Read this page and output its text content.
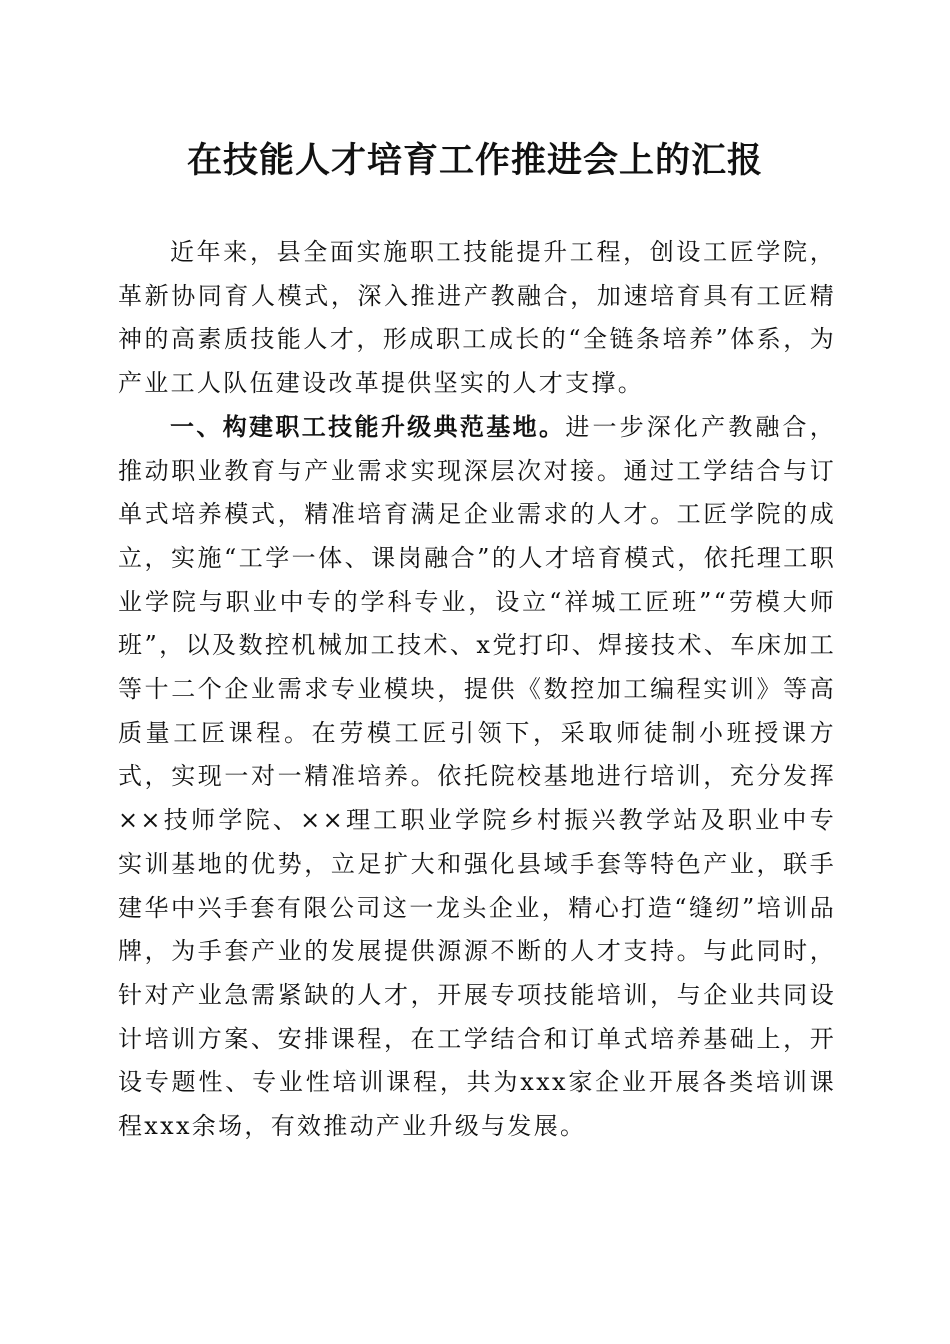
在技能人才培育工作推进会上的汇报

近年来，县全面实施职工技能提升工程，创设工匠学院，革新协同育人模式，深入推进产教融合，加速培育具有工匠精神的高素质技能人才，形成职工成长的“全链条培养”体系，为产业工人队伍建设改革提供坚实的人才支撑。

一、构建职工技能升级典范基地。进一步深化产教融合，推动职业教育与产业需求实现深层次对接。通过工学结合与订单式培养模式，精准培育满足企业需求的人才。工匠学院的成立，实施“工学一体、课岗融合”的人才培育模式，依托理工职业学院与职业中专的学科专业，设立“祥城工匠班”“劳模大师班”，以及数控机械加工技术、x党打印、焊接技术、车床加工等十二个企业需求专业模块，提供《数控加工编程实训》等高质量工匠课程。在劳模工匠引领下，采取师徒制小班授课方式，实现一对一精准培养。依托院校基地进行培训，充分发挥××技师学院、××理工职业学院乡村振兴教学站及职业中专实训基地的优势，立足扩大和强化县域手套等特色产业，联手建华中兴手套有限公司这一龙头企业，精心打造“缝纫”培训品牌，为手套产业的发展提供源源不断的人才支持。与此同时，针对产业急需紧缺的人才，开展专项技能培训，与企业共同设计培训方案、安排课程，在工学结合和订单式培养基础上，开设专题性、专业性培训课程，共为xxx家企业开展各类培训课程xxx余场，有效推动产业升级与发展。
